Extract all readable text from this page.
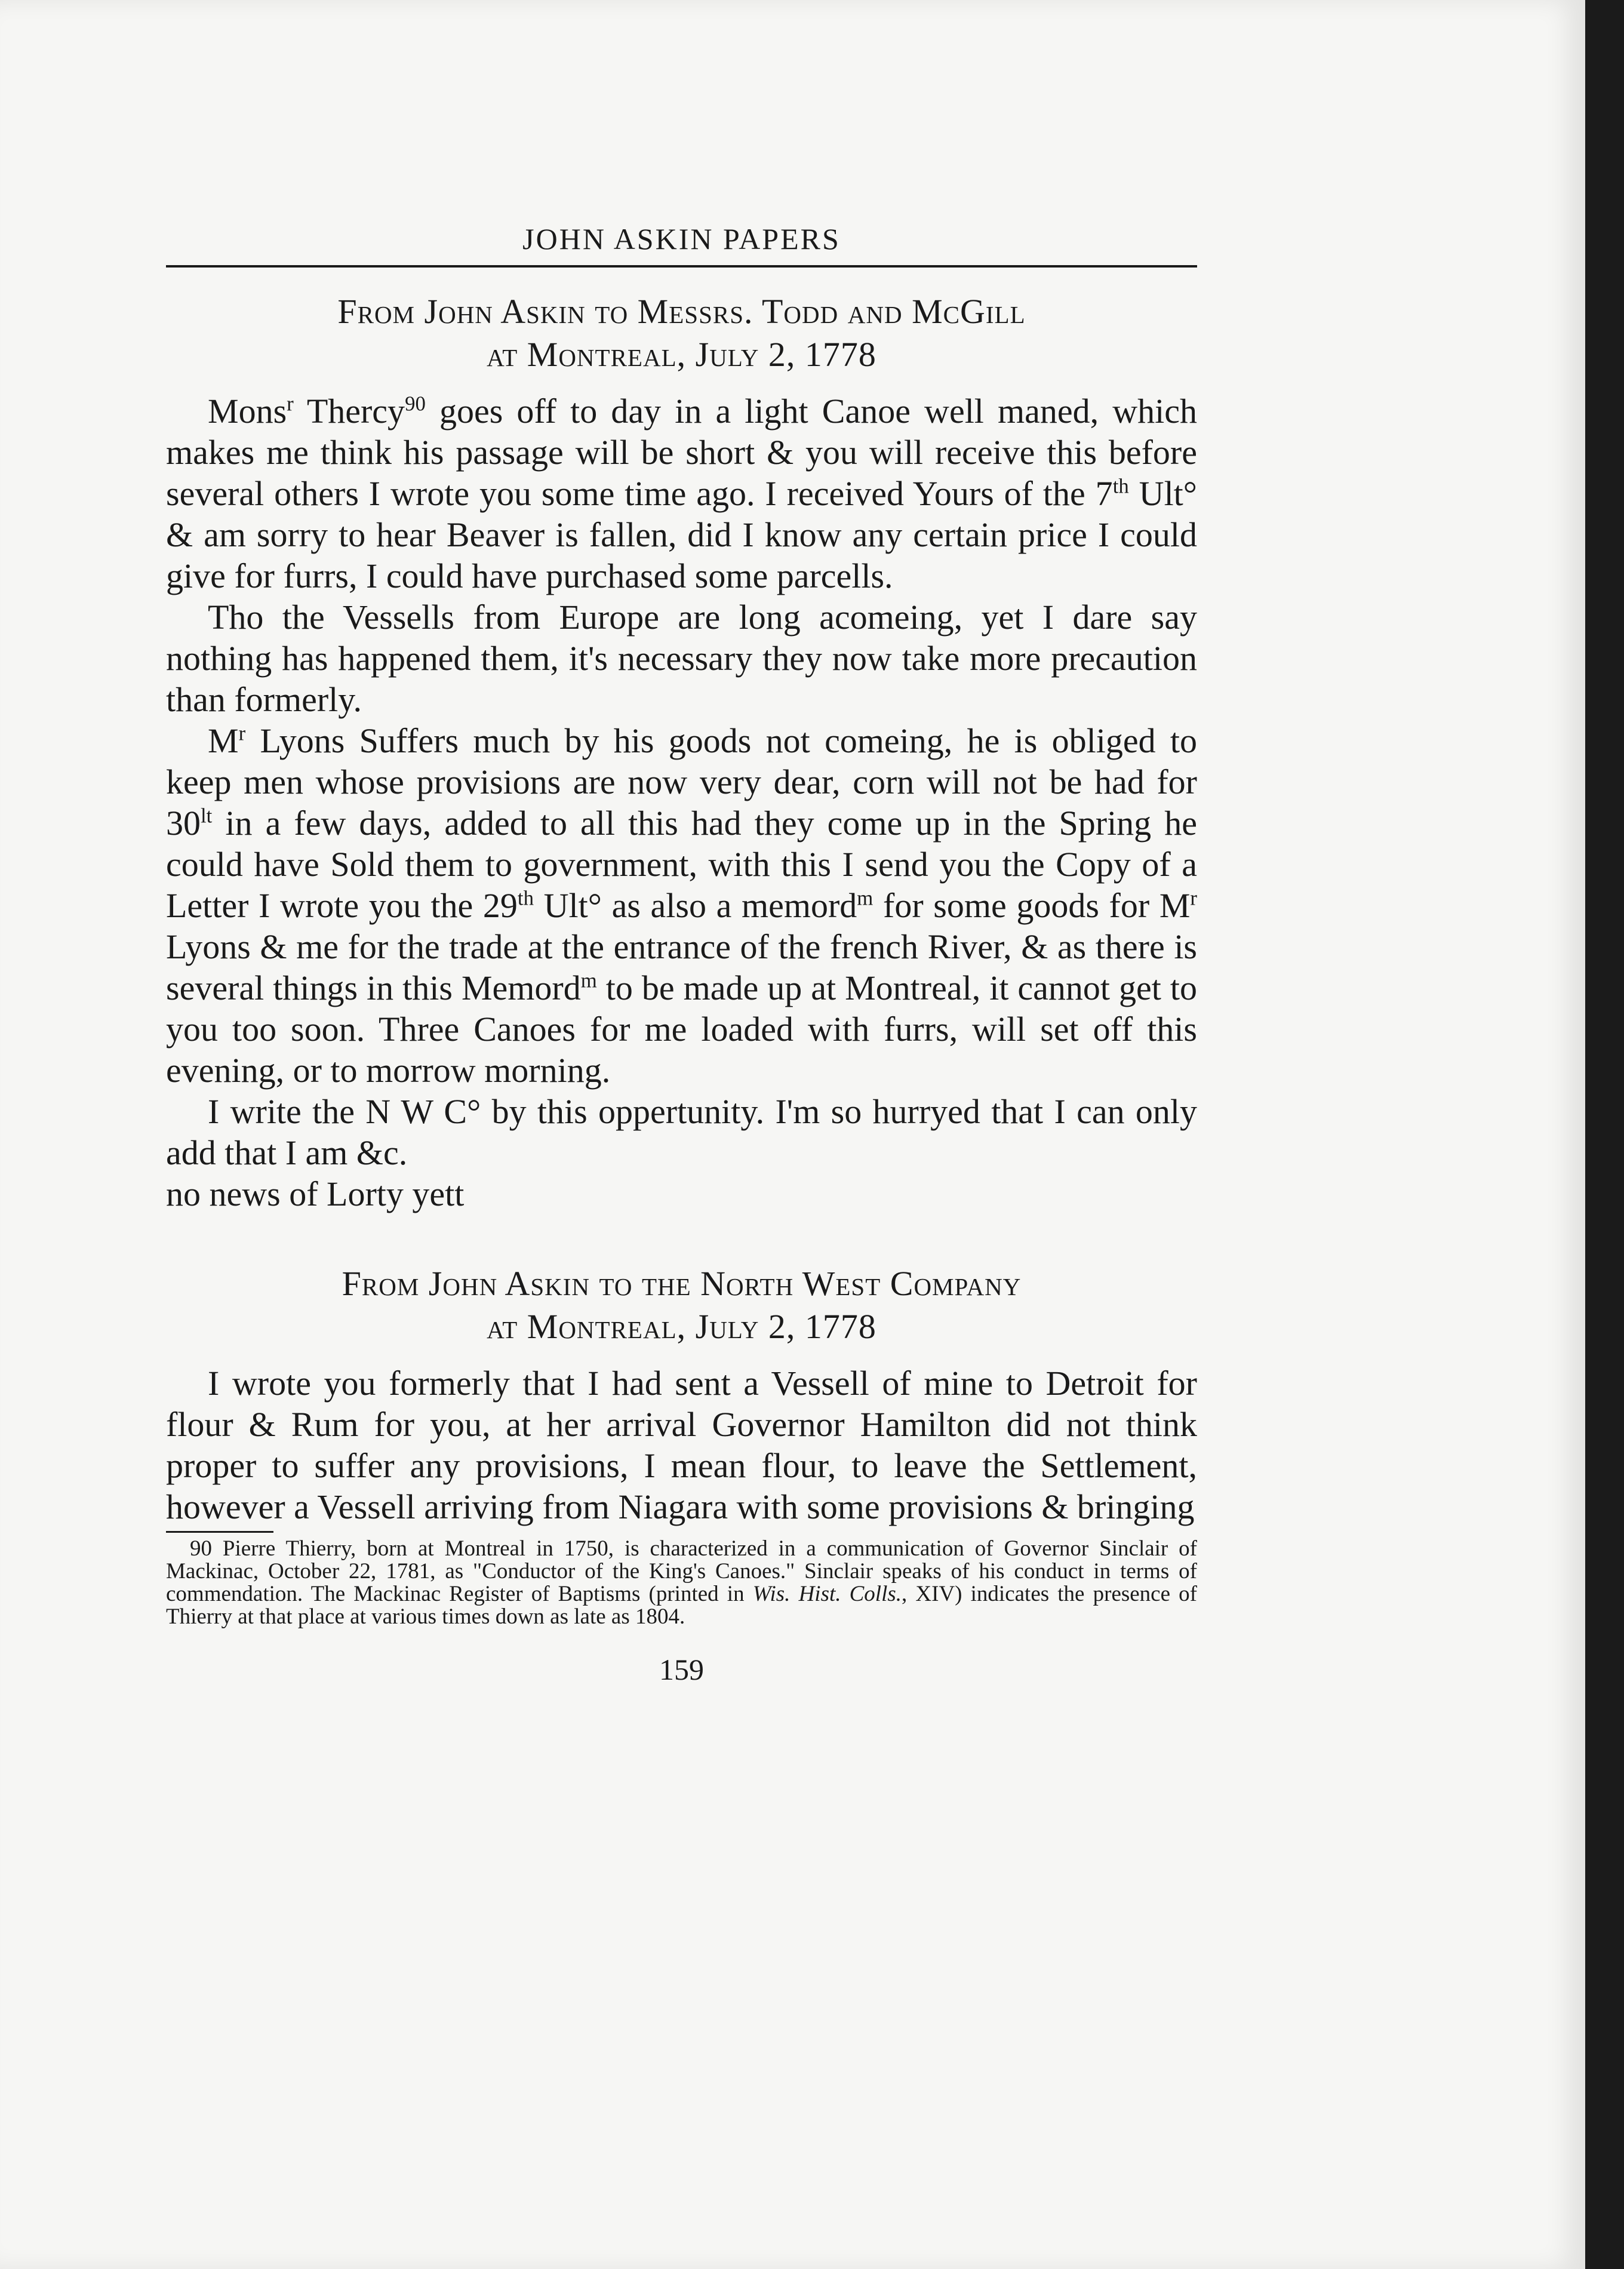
JOHN ASKIN PAPERS
From John Askin to Messrs. Todd and McGill
at Montreal, July 2, 1778

Mons$^r$ Thercy$^{90}$ goes off to day in a light Canoe well maned, which makes me think his passage will be short & you will receive this before several others I wrote you some time ago. I received Yours of the 7th Ult° & am sorry to hear Beaver is fallen, did I know any certain price I could give for furrs, I could have purchased some parcells.

Tho the Vessells from Europe are long acomeing, yet I dare say nothing has happened them, it's necessary they now take more precaution than formerly.

$M^r$ Lyons Suffers much by his goods not comeing, he is obliged to keep men whose provisions are now very dear, corn will not be had for $30^{lt}$ in a few days, added to all this had they come up in the Spring he could have Sold them to government, with this I send you the Copy of a Letter I wrote you the 29th Ult° as also a memord$^m$ for some goods for $M^r$ Lyons & me for the trade at the entrance of the french River, & as there is several things in this Memord$^m$ to be made up at Montreal, it cannot get to you too soon. Three Canoes for me loaded with furrs, will set off this evening, or to morrow morning.

I write the N W C° by this oppertunity. I'm so hurryed that I can only add that I am &c.

no news of Lorty yett

From John Askin to the North West Company
at Montreal, July 2, 1778

I wrote you formerly that I had sent a Vessell of mine to Detroit for flour & Rum for you, at her arrival Governor Hamilton did not think proper to suffer any provisions, I mean flour, to leave the Settlement, however a Vessell arriving from Niagara with some provisions & bringing

90 Pierre Thierry, born at Montreal in 1750, is characterized in a communication of Governor Sinclair of Mackinac, October 22, 1781, as "Conductor of the King's Canoes." Sinclair speaks of his conduct in terms of commendation. The Mackinac Register of Baptisms (printed in Wis. Hist. Colls., XIV) indicates the presence of Thierry at that place at various times down as late as 1804.

159
